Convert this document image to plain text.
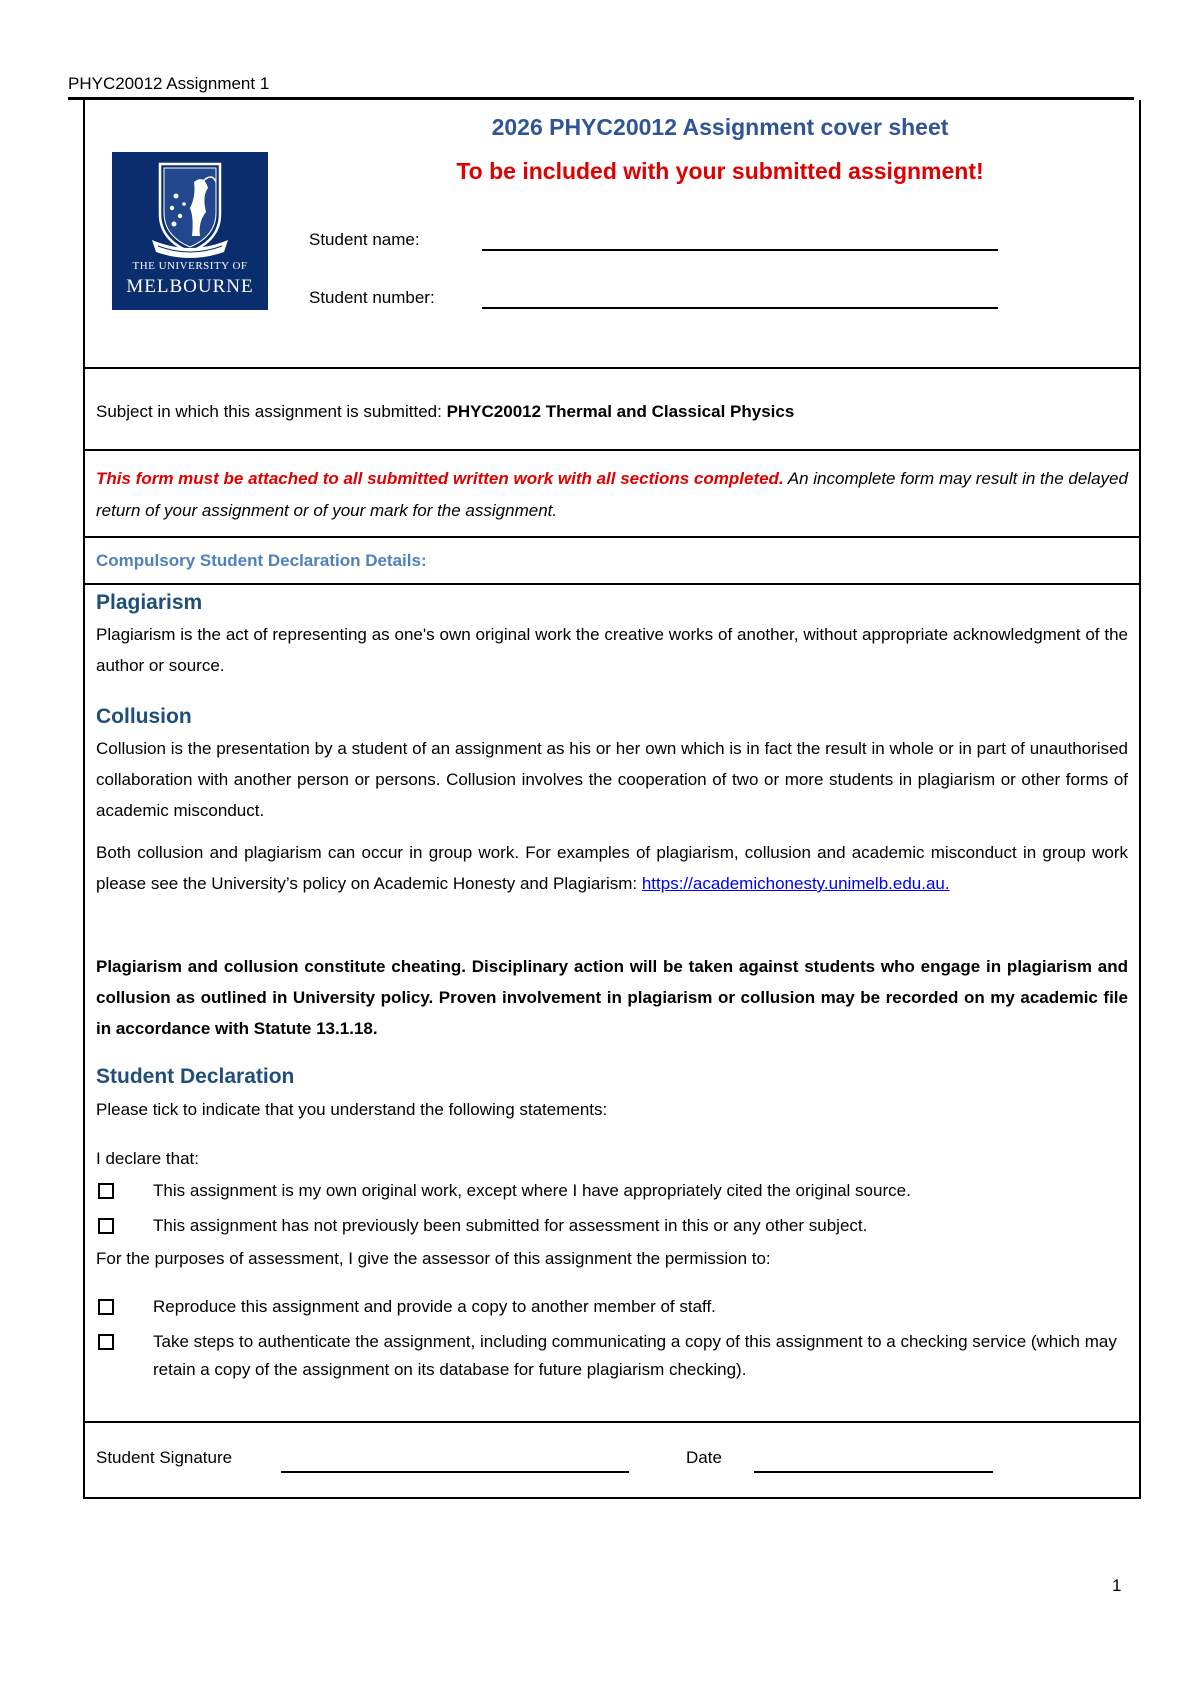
PHYC20012 Assignment 1
THE UNIVERSITY OF
MELBOURNE
2026 PHYC20012 Assignment cover sheet
To be included with your submitted assignment!
Student name:
Student number:
Subject in which this assignment is submitted: PHYC20012 Thermal and Classical Physics
This form must be attached to all submitted written work with all sections completed. An incomplete form may result in the delayed return of your assignment or of your mark for the assignment.
Compulsory Student Declaration Details:
Plagiarism
Plagiarism is the act of representing as one's own original work the creative works of another, without appropriate acknowledgment of the author or source.
Collusion
Collusion is the presentation by a student of an assignment as his or her own which is in fact the result in whole or in part of unauthorised collaboration with another person or persons. Collusion involves the cooperation of two or more students in plagiarism or other forms of academic misconduct.
Both collusion and plagiarism can occur in group work. For examples of plagiarism, collusion and academic misconduct in group work please see the University’s policy on Academic Honesty and Plagiarism: https://academichonesty.unimelb.edu.au.
Plagiarism and collusion constitute cheating. Disciplinary action will be taken against students who engage in plagiarism and collusion as outlined in University policy. Proven involvement in plagiarism or collusion may be recorded on my academic file in accordance with Statute 13.1.18.
Student Declaration
Please tick to indicate that you understand the following statements:
I declare that:
This assignment is my own original work, except where I have appropriately cited the original source.
This assignment has not previously been submitted for assessment in this or any other subject.
For the purposes of assessment, I give the assessor of this assignment the permission to:
Reproduce this assignment and provide a copy to another member of staff.
Take steps to authenticate the assignment, including communicating a copy of this assignment to a checking service (which may retain a copy of the assignment on its database for future plagiarism checking).
Student Signature	Date
1
